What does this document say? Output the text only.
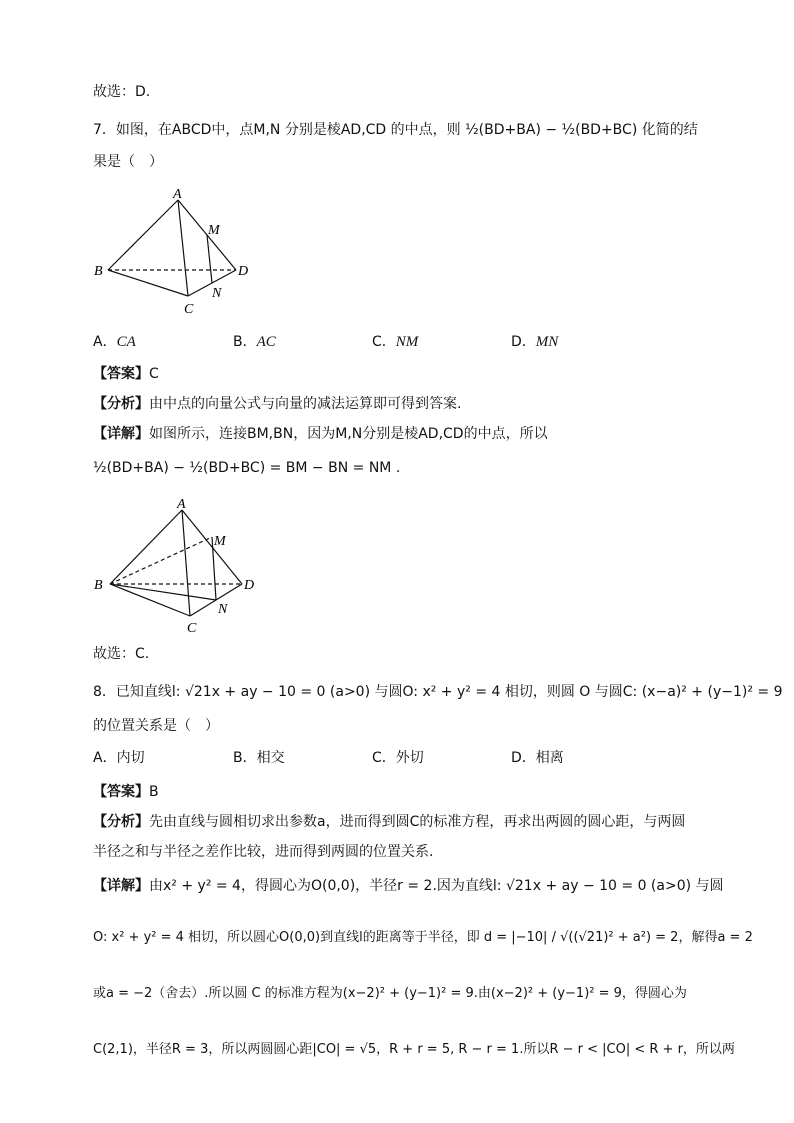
故选：D.
7．如图，在ABCD中，点M,N 分别是棱AD,CD 的中点，则 ½(BD+BA) − ½(BD+BC) 化简的结
果是（　）
A
B
C
D
M
N
A．CA	B．AC	C．NM	D．MN
【答案】C
【分析】由中点的向量公式与向量的减法运算即可得到答案.
【详解】如图所示，连接BM,BN，因为M,N分别是棱AD,CD的中点，所以
½(BD+BA) − ½(BD+BC) = BM − BN = NM .
A
B
C
D
M
N
故选：C.
8．已知直线l: √21x + ay − 10 = 0 (a>0) 与圆O: x² + y² = 4 相切，则圆 O 与圆C: (x−a)² + (y−1)² = 9
的位置关系是（　）
A．内切	B．相交	C．外切	D．相离
【答案】B
【分析】先由直线与圆相切求出参数a，进而得到圆C的标准方程，再求出两圆的圆心距，与两圆
半径之和与半径之差作比较，进而得到两圆的位置关系.
【详解】由x² + y² = 4，得圆心为O(0,0)，半径r = 2.因为直线l: √21x + ay − 10 = 0 (a>0) 与圆
O: x² + y² = 4 相切，所以圆心O(0,0)到直线l的距离等于半径，即 d = |−10| / √((√21)² + a²) = 2，解得a = 2
或a = −2（舍去）.所以圆 C 的标准方程为(x−2)² + (y−1)² = 9.由(x−2)² + (y−1)² = 9，得圆心为
C(2,1)，半径R = 3，所以两圆圆心距|CO| = √5，R + r = 5, R − r = 1.所以R − r < |CO| < R + r，所以两
